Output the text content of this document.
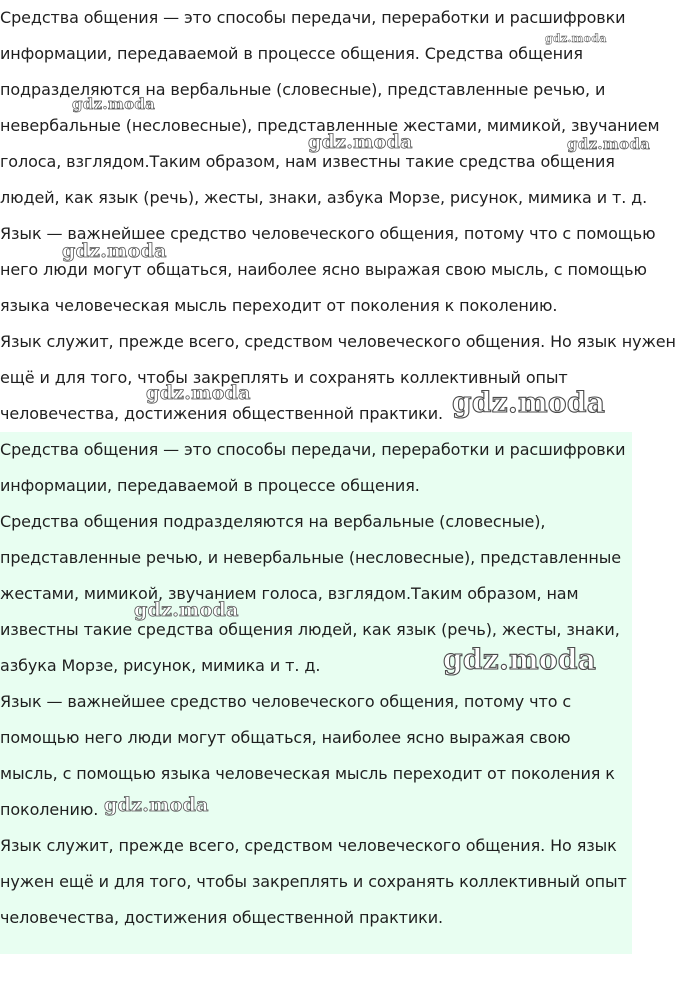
Средства общения — это способы передачи, переработки и расшифровки информации, передаваемой в процессе общения. Средства общения подразделяются на вербальные (словесные), представленные речью, и невербальные (несловесные), представленные жестами, мимикой, звучанием голоса, взглядом.Таким образом, нам известны такие средства общения людей, как язык (речь), жесты, знаки, азбука Морзе, рисунок, мимика и т. д.

Язык — важнейшее средство человеческого общения, потому что с помощью него люди могут общаться, наиболее ясно выражая свою мысль, с помощью языка человеческая мысль переходит от поколения к поколению.

Язык служит, прежде всего, средством человеческого общения. Но язык нужен ещё и для того, чтобы закреплять и сохранять коллективный опыт человечества, достижения общественной практики.

Средства общения — это способы передачи, переработки и расшифровки информации, передаваемой в процессе общения.

Средства общения подразделяются на вербальные (словесные), представленные речью, и невербальные (несловесные), представленные жестами, мимикой, звучанием голоса, взглядом.Таким образом, нам известны такие средства общения людей, как язык (речь), жесты, знаки, азбука Морзе, рисунок, мимика и т. д.

Язык — важнейшее средство человеческого общения, потому что с помощью него люди могут общаться, наиболее ясно выражая свою мысль, с помощью языка человеческая мысль переходит от поколения к поколению.

Язык служит, прежде всего, средством человеческого общения. Но язык нужен ещё и для того, чтобы закреплять и сохранять коллективный опыт человечества, достижения общественной практики.

gdz.moda
gdz.moda
gdz.moda	gdz.moda
gdz.moda
gdz.moda	gdz.moda
gdz.moda
gdz.moda
gdz.moda
